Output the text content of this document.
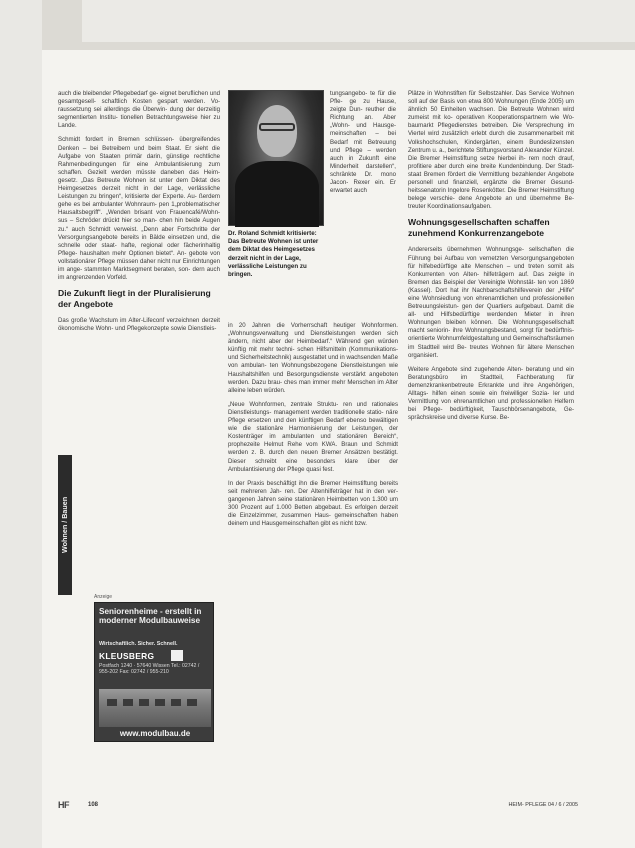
auch die bleibender Pflegebedarf ge- eignet beruflichen und gesamtgesell- schaftlich Kosten gespart werden. Vo- raussetzung sei allerdings die Überwin- dung der derzeitig segmentierten Institu- tionellen Betrachtungsweise hier zu Lande.

Schmidt fordert in Bremen schlüssen- übergreifendes Denken – bei Betreibern und beim Staat. Er sieht die Aufgabe von Staaten primär darin, günstige rechtliche Rahmenbedingungen für eine Ambulantisierung zum schaffen. Gezielt werden müsste daneben das Heim- gesetz. „Das Betreute Wohnen ist unter dem Diktat des Heimgesetzes derzeit nicht in der Lage, verlässliche Leistungen zu bringen“, kritisierte der Experte. Au- ßerdem gehe es bei ambulanter Wohnraum- pen 1„problematischer Hausaltsbegriff“. „Wenden brisant von Frauencafé/Wohn- sus – Schröder drückt hier so man- chen hin beide Augen zu.“ auch Schmidt verweist. „Denn aber Fortschritte der Versorgungsangebote bereits in Bälde einsetzen und, die schnelle oder staat- hafte, regional oder fächerinhaltig Pflege- haushalten mehr Optionen bietet“. An- gebote von vollstationärer Pflege müssen daher nicht nur Einrichtungen im ange- stammten Marktsegment beraten, son- dern auch im angrenzenden Vorfeld.

Die Zukunft liegt in der Pluralisierung der Angebote

Das große Wachstum im Alter-Lifeconf verzeichnen derzeit ökonomische Wohn- und Pflegekonzepte sowie Dienstleis-

Dr. Roland Schmidt kritisierte: Das Betreute Wohnen ist unter dem Diktat des Heimgesetzes derzeit nicht in der Lage, verlässliche Leistungen zu bringen.

tungsangebo- te für die Pfle- ge zu Hause, zeigte Dun- reuther die Richtung an. Aber „Wohn- und Hausge- meinschaften – bei Bedarf mit Betreuung und Pflege – werden auch in Zukunft eine Minderheit darstellen“, schränkte Dr. mono Jacon- Rexer ein. Er erwartet auch

in 20 Jahren die Vorherrschaft heutiger Wohnformen. „Wohnungsverwaltung und Dienstleistungen werden sich ändern, nicht aber der Heimbedarf.“ Während gen würden künftig mit mehr techni- schen Hilfsmitteln (Kommunikations- und Sicherheitstechnik) ausgestattet und in wachsenden Maße von ambulan- ten Wohnungsbezogene Dienstleistungen wie Haushaltshilfen und Besorgungsdienste verstärkt angeboten werden. Dazu brau- ches man immer mehr Menschen im Alter alleine leben würden.

„Neue Wohnformen, zentrale Struktu- ren und rationales Dienstleistungs- management werden traditionelle statio- näre Pflege ersetzen und den künftigen Bedarf ebenso bewältigen wie die stationäre Harmonisierung der Leistungen, der Kostenträger im ambulanten und stationären Bereich“, prophezeite Helmut Rehe vom KWA. Braun und Schmidt werden z. B. durch den neuen Bremer Ansätzen bestätigt. Dieser schreibt eine besonders klare über der Ambulantisierung der Pflege quasi fest.

In der Praxis beschäftigt ihn die Bremer Heimstiftung bereits seit mehreren Jah- ren. Der Altenhilfeträger hat in den ver- gangenen Jahren seine stationären Heimbetten von 1.300 um 300 Prozent auf 1.000 Betten abgebaut. Es erfolgen derzeit die Einzelzimmer, zusammen Haus- gemeinschaften haben deinem und Hausgemeinschaften gibt es nicht bzw.

Plätze in Wohnstiften für Selbstzahler. Das Service Wohnen soll auf der Basis von etwa 800 Wohnungen (Ende 2005) um ähnlich 50 Einheiten wachsen. Die Betreute Wohnen wird zumeist mit ko- operativen Kooperationspartnern wie Wo- baumarkt Pflegedienstes betreiben. Die Versprechung im Viertel wird zusätzlich erlebt durch die zusammenarbeit mit Volkshochschulen, Kindergärten, einem Bundeslizensten Zentrum u. a., berichtete Stiftungsvorstand Alexander Künzel. Die Bremer Heimstiftung setze hierbei ih- rem noch drauf, profitiere aber durch eine breite Kundenbindung. Der Stadt- staat Bremen fördert die Vermittlung bezahlender Angebote personell und finanziell, ergänzte die Bremer Gesund- heitssenatorin Ingelore Rosenkötter. Die Bremer Heimstiftung belege verschie- dene Angebote an und übernehme Be- treuter Koordinationsaufgaben.

Wohnungsgesellschaften schaffen zunehmend Konkurrenzangebote

Andererseits übernehmen Wohnungsge- sellschaften die Führung bei Aufbau von vernetzten Versorgungsangeboten für hilfebedürftige alte Menschen – und treten somit als Konkurrenten von Alten- hilfeträgern auf. Das zeigte in Bremen das Beispiel der Vereinigte Wohnstät- ten von 1869 (Kassel). Dort hat ihr Nachbarschaftshilfeverein der „Hilfe“ eine Wohnsiedlung von ehrenamtlichen und professionellen Betreuungsleistun- gen der Quartiers aufgebaut. Damit die all- und Hilfsbedürftige werdenden Mieter in ihren Wohnungen bleiben können. Die Wohnungsgesellschaft macht seniorin- ihre Wohnungsbestand, sorgt für bedürftnis- orientierte Wohnumfeldgestaltung und Gemeinschaftsräumen im Stadtteil wird Be- treutes Wohnen für ältere Menschen organisiert.

Weitere Angebote sind zugehende Alten- beratung und ein Beratungsbüro im Stadtteil, Fachberatung für demenzkrankenbetreute Erkrankte und ihre Angehörigen, Alltags- hilfen einen sowie ein freiwilliger Sozia- ler und Vermittlung von ehrenamtlichen und professionellen Helfern bei Pflege- bedürftigkeit, Tauschbörsenangebote, Ge- sprächskreise und diverse Kurse. Be-

Wohnen / Bauen
Anzeige
Seniorenheime - erstellt in moderner Modulbauweise
Wirtschaftlich. Sicher. Schnell.
KLEUSBERG
Postfach 1240 · 57640 Wissen Tel.: 02742 / 955-202 Fax: 02742 / 955-210
www.modulbau.de
HF	108	HEIM- PFLEGE 04 / 6 / 2005
